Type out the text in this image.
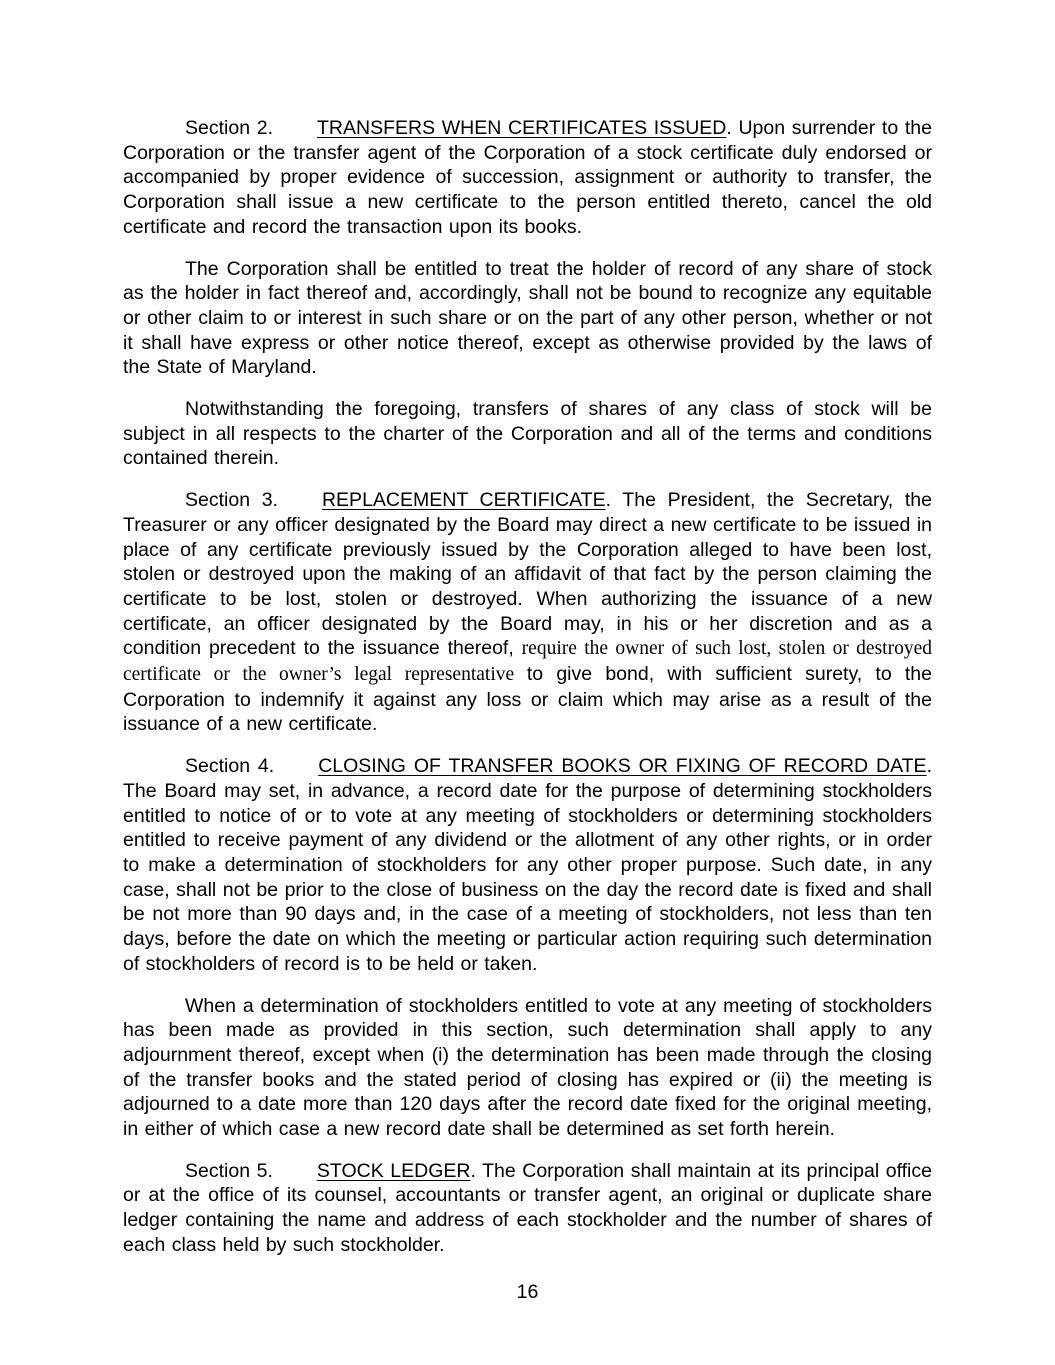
Section 2. TRANSFERS WHEN CERTIFICATES ISSUED. Upon surrender to the Corporation or the transfer agent of the Corporation of a stock certificate duly endorsed or accompanied by proper evidence of succession, assignment or authority to transfer, the Corporation shall issue a new certificate to the person entitled thereto, cancel the old certificate and record the transaction upon its books.

The Corporation shall be entitled to treat the holder of record of any share of stock as the holder in fact thereof and, accordingly, shall not be bound to recognize any equitable or other claim to or interest in such share or on the part of any other person, whether or not it shall have express or other notice thereof, except as otherwise provided by the laws of the State of Maryland.

Notwithstanding the foregoing, transfers of shares of any class of stock will be subject in all respects to the charter of the Corporation and all of the terms and conditions contained therein.

Section 3. REPLACEMENT CERTIFICATE. The President, the Secretary, the Treasurer or any officer designated by the Board may direct a new certificate to be issued in place of any certificate previously issued by the Corporation alleged to have been lost, stolen or destroyed upon the making of an affidavit of that fact by the person claiming the certificate to be lost, stolen or destroyed. When authorizing the issuance of a new certificate, an officer designated by the Board may, in his or her discretion and as a condition precedent to the issuance thereof, require the owner of such lost, stolen or destroyed certificate or the owner’s legal representative to give bond, with sufficient surety, to the Corporation to indemnify it against any loss or claim which may arise as a result of the issuance of a new certificate.

Section 4. CLOSING OF TRANSFER BOOKS OR FIXING OF RECORD DATE. The Board may set, in advance, a record date for the purpose of determining stockholders entitled to notice of or to vote at any meeting of stockholders or determining stockholders entitled to receive payment of any dividend or the allotment of any other rights, or in order to make a determination of stockholders for any other proper purpose. Such date, in any case, shall not be prior to the close of business on the day the record date is fixed and shall be not more than 90 days and, in the case of a meeting of stockholders, not less than ten days, before the date on which the meeting or particular action requiring such determination of stockholders of record is to be held or taken.

When a determination of stockholders entitled to vote at any meeting of stockholders has been made as provided in this section, such determination shall apply to any adjournment thereof, except when (i) the determination has been made through the closing of the transfer books and the stated period of closing has expired or (ii) the meeting is adjourned to a date more than 120 days after the record date fixed for the original meeting, in either of which case a new record date shall be determined as set forth herein.

Section 5. STOCK LEDGER. The Corporation shall maintain at its principal office or at the office of its counsel, accountants or transfer agent, an original or duplicate share ledger containing the name and address of each stockholder and the number of shares of each class held by such stockholder.

16
